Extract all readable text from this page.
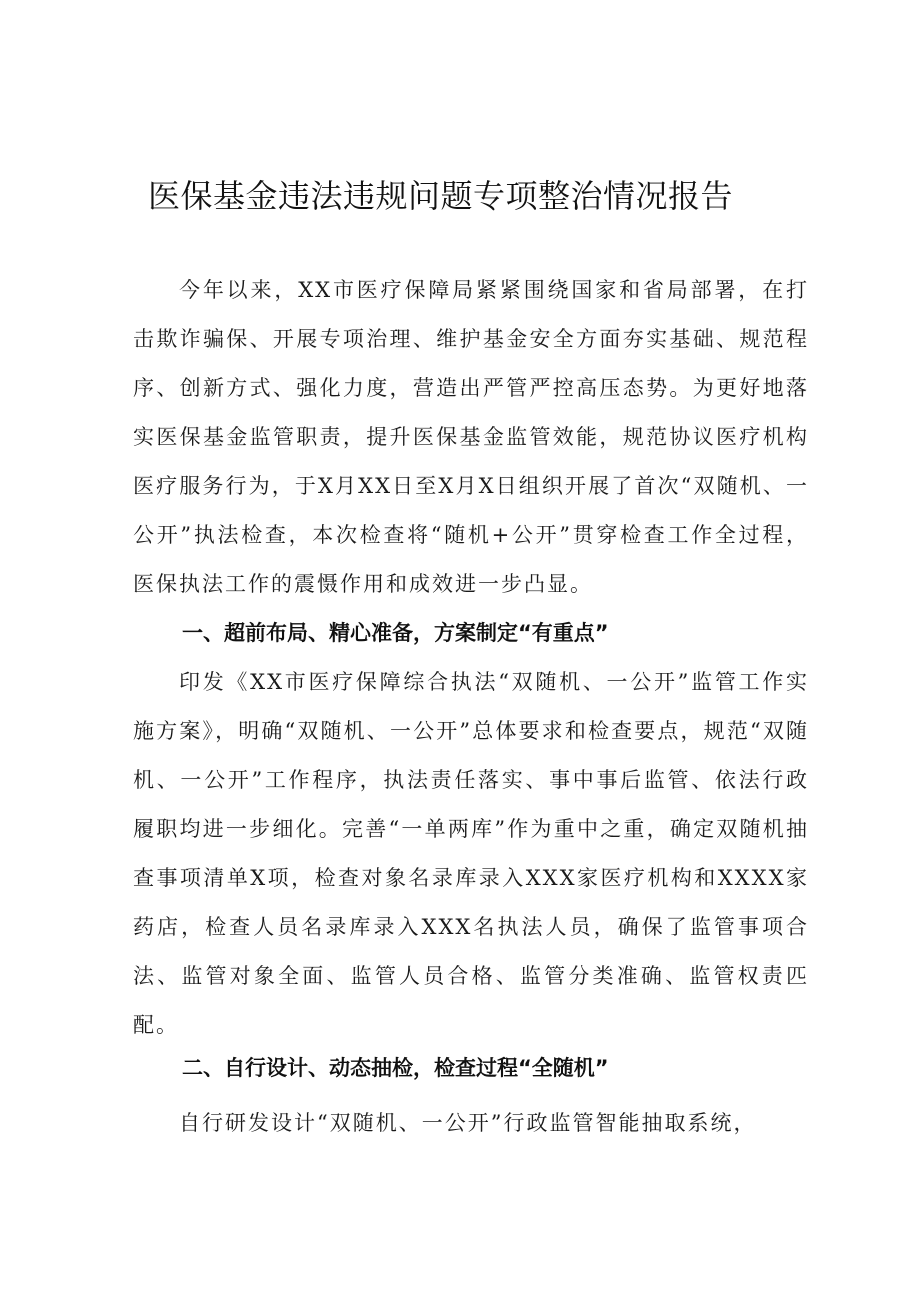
医保基金违法违规问题专项整治情况报告

今年以来，XX市医疗保障局紧紧围绕国家和省局部署，在打击欺诈骗保、开展专项治理、维护基金安全方面夯实基础、规范程序、创新方式、强化力度，营造出严管严控高压态势。为更好地落实医保基金监管职责，提升医保基金监管效能，规范协议医疗机构医疗服务行为，于X月XX日至X月X日组织开展了首次“双随机、一公开”执法检查，本次检查将“随机+公开”贯穿检查工作全过程，医保执法工作的震慑作用和成效进一步凸显。

一、超前布局、精心准备，方案制定“有重点”

印发《XX市医疗保障综合执法“双随机、一公开”监管工作实施方案》，明确“双随机、一公开”总体要求和检查要点，规范“双随机、一公开”工作程序，执法责任落实、事中事后监管、依法行政履职均进一步细化。完善“一单两库”作为重中之重，确定双随机抽查事项清单X项，检查对象名录库录入XXX家医疗机构和XXXX家药店，检查人员名录库录入XXX名执法人员，确保了监管事项合法、监管对象全面、监管人员合格、监管分类准确、监管权责匹配。

二、自行设计、动态抽检，检查过程“全随机”

自行研发设计“双随机、一公开”行政监管智能抽取系统，
